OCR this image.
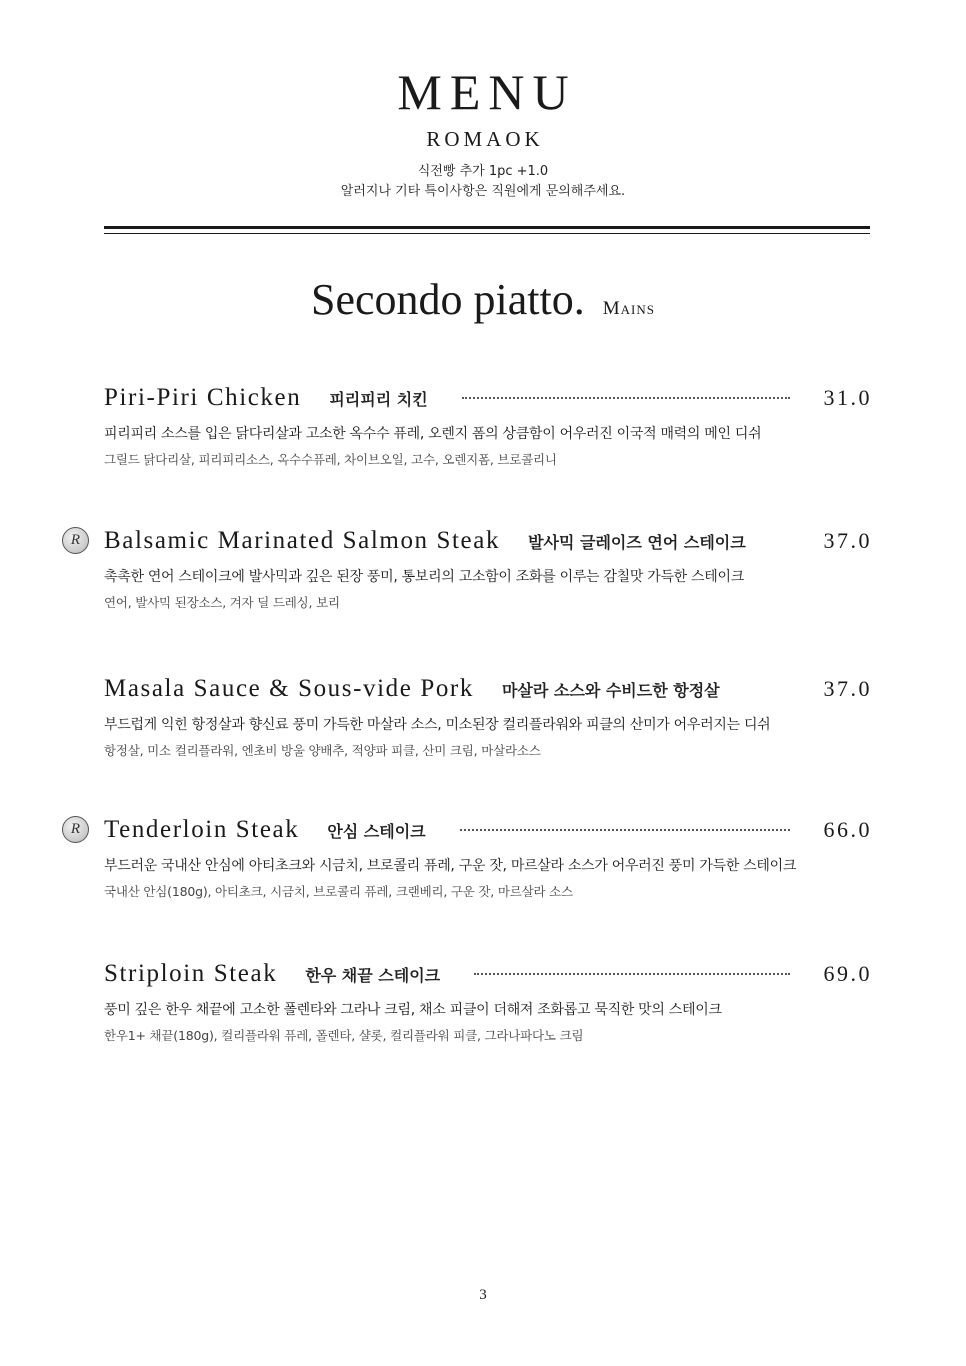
MENU
ROMAOK
식전빵 추가 1pc +1.0
알러지나 기타 특이사항은 직원에게 문의해주세요.
Secondo piatto. Mains
Piri-Piri Chicken 피리피리 치킨	31.0
피리피리 소스를 입은 닭다리살과 고소한 옥수수 퓨레, 오렌지 폼의 상큼함이 어우러진 이국적 매력의 메인 디쉬
그릴드 닭다리살, 피리피리소스, 옥수수퓨레, 차이브오일, 고수, 오렌지폼, 브로콜리니
R Balsamic Marinated Salmon Steak 발사믹 글레이즈 연어 스테이크	37.0
촉촉한 연어 스테이크에 발사믹과 깊은 된장 풍미, 통보리의 고소함이 조화를 이루는 감칠맛 가득한 스테이크
연어, 발사믹 된장소스, 겨자 딜 드레싱, 보리
Masala Sauce & Sous-vide Pork 마살라 소스와 수비드한 항정살	37.0
부드럽게 익힌 항정살과 향신료 풍미 가득한 마살라 소스, 미소된장 컬리플라워와 피클의 산미가 어우러지는 디쉬
항정살, 미소 컬리플라워, 엔초비 방울 양배추, 적양파 피클, 산미 크림, 마살라소스
R Tenderloin Steak 안심 스테이크	66.0
부드러운 국내산 안심에 아티초크와 시금치, 브로콜리 퓨레, 구운 잣, 마르살라 소스가 어우러진 풍미 가득한 스테이크
국내산 안심(180g), 아티초크, 시금치, 브로콜리 퓨레, 크랜베리, 구운 잣, 마르살라 소스
Striploin Steak 한우 채끝 스테이크	69.0
풍미 깊은 한우 채끝에 고소한 폴렌타와 그라나 크림, 채소 피클이 더해져 조화롭고 묵직한 맛의 스테이크
한우1+ 채끝(180g), 컬리플라워 퓨레, 폴렌타, 샬롯, 컬리플라워 피클, 그라나파다노 크림
3
